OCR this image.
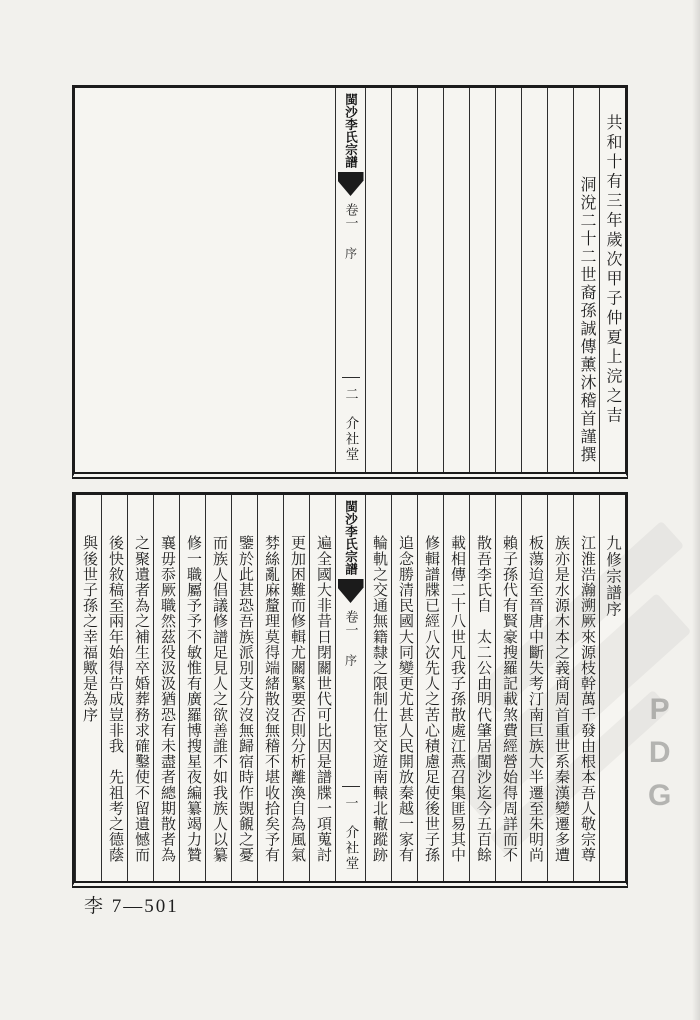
共和十有三年歲次甲子仲夏上浣之吉
洞涗二十二世裔孫誠傳薰沐稽首謹撰
閩沙李氏宗譜
卷一
序
二
介社堂
九修宗譜序
江淮浩瀚溯厥來源枝幹萬千發由根本吾人敬宗尊
族亦是水源木本之義商周首重世系秦漢變遷多遭
板蕩迨至晉唐中斷失考汀南巨族大半遷至朱明尚
賴子孫代有賢豪搜羅記載煞費經營始得周詳而不
散吾李氏自　太二公由明代肇居閩沙迄今五百餘
載相傳二十八世凡我子孫散處江燕召集匪易其中
修輯譜牒已經八次先人之苦心積慮足使後世子孫
追念勝清民國大同變更尤甚人民開放秦越一家有
輪軌之交通無籍隸之限制仕宦交遊南轅北轍蹤跡
閩沙李氏宗譜
卷一
序
一
介社堂
遍全國大非昔日閉關世代可比因是譜牒一項蒐討
更加困難而修輯尤關緊要否則分析離渙自為風氣
棼絲亂麻釐理莫得端緒散沒無稽不堪收拾矣予有
鑒於此甚恐吾族派別支分沒無歸宿時作覬覦之憂
而族人倡議修譜足見人之欲善誰不如我族人以纂
修一職屬予予不敏惟有廣羅博搜星夜編纂竭力贊
襄毋忝厥職然茲役汲汲猶恐有未盡者總期散者為
之聚遺者為之補生卒婚葬務求確鑿使不留遺憾而
後快敘稿至兩年始得告成豈非我　先祖考之德蔭
與後世子孫之幸福歟是為序	P
D
G
李 7—501
